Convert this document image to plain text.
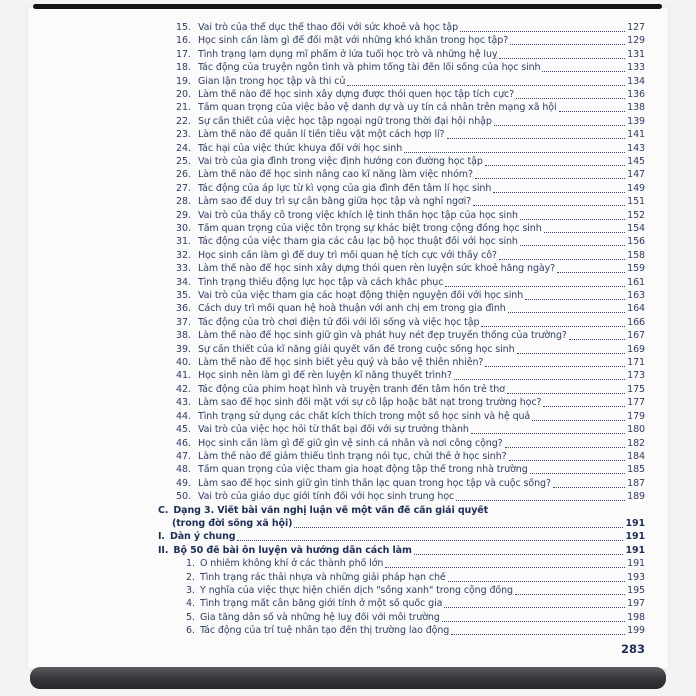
15. Vai trò của thể dục thể thao đối với sức khoẻ và học tập	127
16. Học sinh cần làm gì để đối mặt với những khó khăn trong học tập?	129
17. Tình trạng lạm dụng mĩ phẩm ở lứa tuổi học trò và những hệ luỵ	131
18. Tác động của truyện ngôn tình và phim tổng tài đến lối sống của học sinh	133
19. Gian lận trong học tập và thi cử	134
20. Làm thế nào để học sinh xây dựng được thói quen học tập tích cực?	136
21. Tầm quan trọng của việc bảo vệ danh dự và uy tín cá nhân trên mạng xã hội	138
22. Sự cần thiết của việc học tập ngoại ngữ trong thời đại hội nhập	139
23. Làm thế nào để quản lí tiền tiêu vặt một cách hợp lí?	141
24. Tác hại của việc thức khuya đối với học sinh	143
25. Vai trò của gia đình trong việc định hướng con đường học tập	145
26. Làm thế nào để học sinh nâng cao kĩ năng làm việc nhóm?	147
27. Tác động của áp lực từ kì vọng của gia đình đến tâm lí học sinh	149
28. Làm sao để duy trì sự cân bằng giữa học tập và nghỉ ngơi?	151
29. Vai trò của thầy cô trong việc khích lệ tinh thần học tập của học sinh	152
30. Tầm quan trọng của việc tôn trọng sự khác biệt trong cộng đồng học sinh	154
31. Tác động của việc tham gia các câu lạc bộ học thuật đối với học sinh	156
32. Học sinh cần làm gì để duy trì mối quan hệ tích cực với thầy cô?	158
33. Làm thế nào để học sinh xây dựng thói quen rèn luyện sức khoẻ hằng ngày?	159
34. Tình trạng thiếu động lực học tập và cách khắc phục	161
35. Vai trò của việc tham gia các hoạt động thiện nguyện đối với học sinh	163
36. Cách duy trì mối quan hệ hoà thuận với anh chị em trong gia đình	164
37. Tác động của trò chơi điện tử đối với lối sống và việc học tập	166
38. Làm thế nào để học sinh giữ gìn và phát huy nét đẹp truyền thống của trường?	167
39. Sự cần thiết của kĩ năng giải quyết vấn đề trong cuộc sống học sinh	169
40. Làm thế nào để học sinh biết yêu quý và bảo vệ thiên nhiên?	171
41. Học sinh nên làm gì để rèn luyện kĩ năng thuyết trình?	173
42. Tác động của phim hoạt hình và truyện tranh đến tâm hồn trẻ thơ	175
43. Làm sao để học sinh đối mặt với sự cô lập hoặc bắt nạt trong trường học?	177
44. Tình trạng sử dụng các chất kích thích trong một số học sinh và hệ quả	179
45. Vai trò của việc học hỏi từ thất bại đối với sự trưởng thành	180
46. Học sinh cần làm gì để giữ gìn vệ sinh cá nhân và nơi công cộng?	182
47. Làm thế nào để giảm thiểu tình trạng nói tục, chửi thề ở học sinh?	184
48. Tầm quan trọng của việc tham gia hoạt động tập thể trong nhà trường	185
49. Làm sao để học sinh giữ gìn tinh thần lạc quan trong học tập và cuộc sống?	187
50. Vai trò của giáo dục giới tính đối với học sinh trung học	189
C. Dạng 3. Viết bài văn nghị luận về một vấn đề cần giải quyết
(trong đời sống xã hội)	191
I. Dàn ý chung	191
II. Bộ 50 đề bài ôn luyện và hướng dẫn cách làm	191
1. Ô nhiễm không khí ở các thành phố lớn	191
2. Tình trạng rác thải nhựa và những giải pháp hạn chế	193
3. Ý nghĩa của việc thực hiện chiến dịch "sống xanh" trong cộng đồng	195
4. Tình trạng mất cân bằng giới tính ở một số quốc gia	197
5. Gia tăng dân số và những hệ luỵ đối với môi trường	198
6. Tác động của trí tuệ nhân tạo đến thị trường lao động	199
283
